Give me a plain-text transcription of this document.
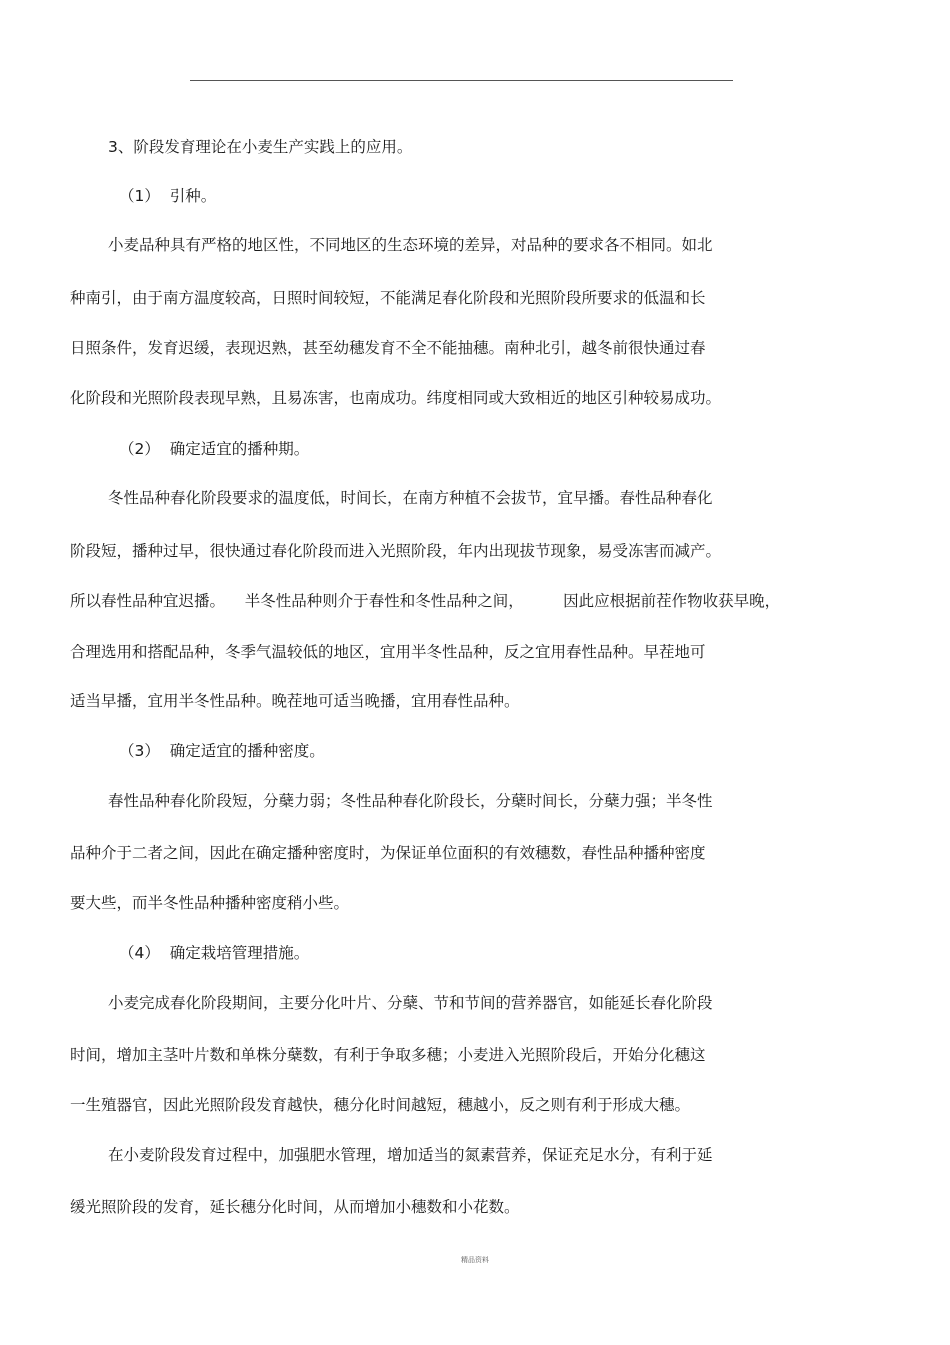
3、阶段发育理论在小麦生产实践上的应用。

（1）  引种。

小麦品种具有严格的地区性，不同地区的生态环境的差异，对品种的要求各不相同。如北

种南引，由于南方温度较高，日照时间较短，不能满足春化阶段和光照阶段所要求的低温和长

日照条件，发育迟缓，表现迟熟，甚至幼穗发育不全不能抽穗。南种北引，越冬前很快通过春

化阶段和光照阶段表现早熟，且易冻害，也南成功。纬度相同或大致相近的地区引种较易成功。

（2）  确定适宜的播种期。

冬性品种春化阶段要求的温度低，时间长，在南方种植不会拔节，宜早播。春性品种春化

阶段短，播种过早，很快通过春化阶段而进入光照阶段，年内出现拔节现象，易受冻害而减产。

所以春性品种宜迟播。    半冬性品种则介于春性和冬性品种之间，        因此应根据前茬作物收获早晚，

合理选用和搭配品种，冬季气温较低的地区，宜用半冬性品种，反之宜用春性品种。早茬地可

适当早播，宜用半冬性品种。晚茬地可适当晚播，宜用春性品种。

（3）  确定适宜的播种密度。

春性品种春化阶段短，分蘖力弱；冬性品种春化阶段长，分蘖时间长，分蘖力强；半冬性

品种介于二者之间，因此在确定播种密度时，为保证单位面积的有效穗数，春性品种播种密度

要大些，而半冬性品种播种密度稍小些。

（4）  确定栽培管理措施。

小麦完成春化阶段期间，主要分化叶片、分蘖、节和节间的营养器官，如能延长春化阶段

时间，增加主茎叶片数和单株分蘖数，有利于争取多穗；小麦进入光照阶段后，开始分化穗这

一生殖器官，因此光照阶段发育越快，穗分化时间越短，穗越小，反之则有利于形成大穗。

在小麦阶段发育过程中，加强肥水管理，增加适当的氮素营养，保证充足水分，有利于延

缓光照阶段的发育，延长穗分化时间，从而增加小穗数和小花数。

精品资料
